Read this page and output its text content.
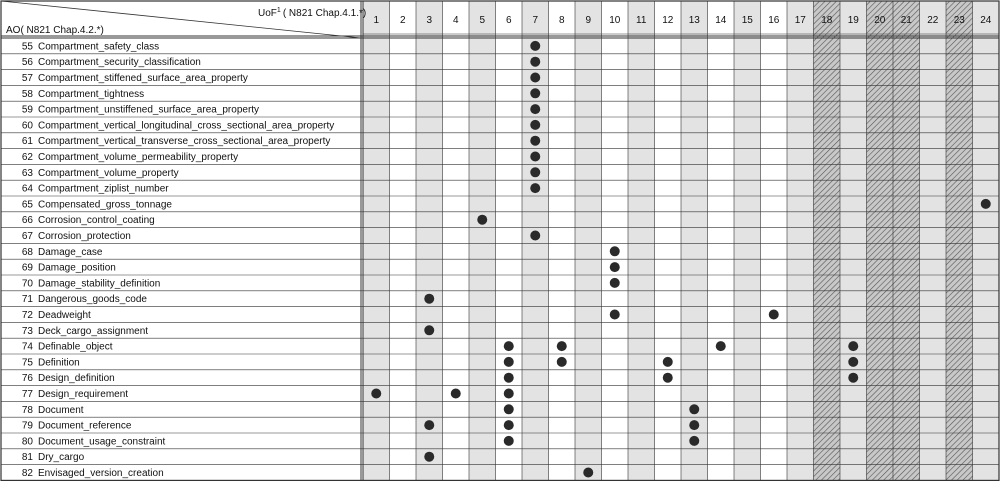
UoF$^1$ ( N821 Chap.4.1.*)
AO( N821 Chap.4.2.*)
1 2 3 4 5 6 7 8 9 10 11 12 13 14 15 16 17 18 19 20 21 22 23 24
55 Compartment_safety_class
56 Compartment_security_classification
57 Compartment_stiffened_surface_area_property
58 Compartment_tightness
59 Compartment_unstiffened_surface_area_property
60 Compartment_vertical_longitudinal_cross_sectional_area_property
61 Compartment_vertical_transverse_cross_sectional_area_property
62 Compartment_volume_permeability_property
63 Compartment_volume_property
64 Compartment_ziplist_number
65 Compensated_gross_tonnage
66 Corrosion_control_coating
67 Corrosion_protection
68 Damage_case
69 Damage_position
70 Damage_stability_definition
71 Dangerous_goods_code
72 Deadweight
73 Deck_cargo_assignment
74 Definable_object
75 Definition
76 Design_definition
77 Design_requirement
78 Document
79 Document_reference
80 Document_usage_constraint
81 Dry_cargo
82 Envisaged_version_creation
